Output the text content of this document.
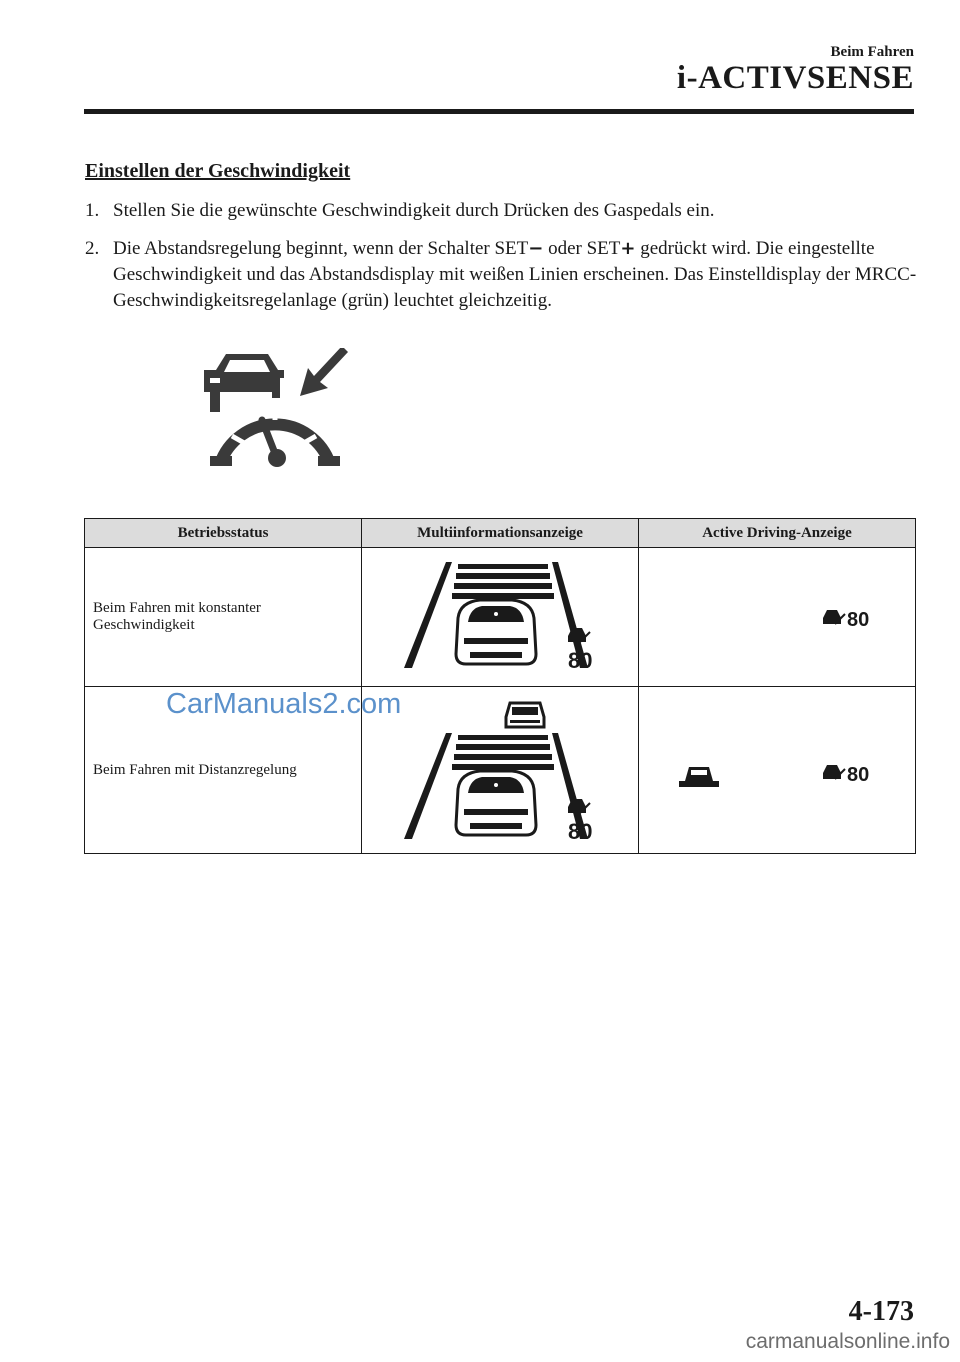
Beim Fahren
i-ACTIVSENSE
Einstellen der Geschwindigkeit
1. Stellen Sie die gewünschte Geschwindigkeit durch Drücken des Gaspedals ein.
2. Die Abstandsregelung beginnt, wenn der Schalter SET− oder SET+ gedrückt wird. Die eingestellte Geschwindigkeit und das Abstandsdisplay mit weißen Linien erscheinen. Das Einstelldisplay der MRCC-Geschwindigkeitsregelanlage (grün) leuchtet gleichzeitig.
Betriebsstatus	Multiinformationsanzeige	Active Driving-Anzeige
Beim Fahren mit konstanter Geschwindigkeit	80	80

Beim Fahren mit Distanzregelung	80	80
CarManuals2.com
4-173
carmanualsonline.info
